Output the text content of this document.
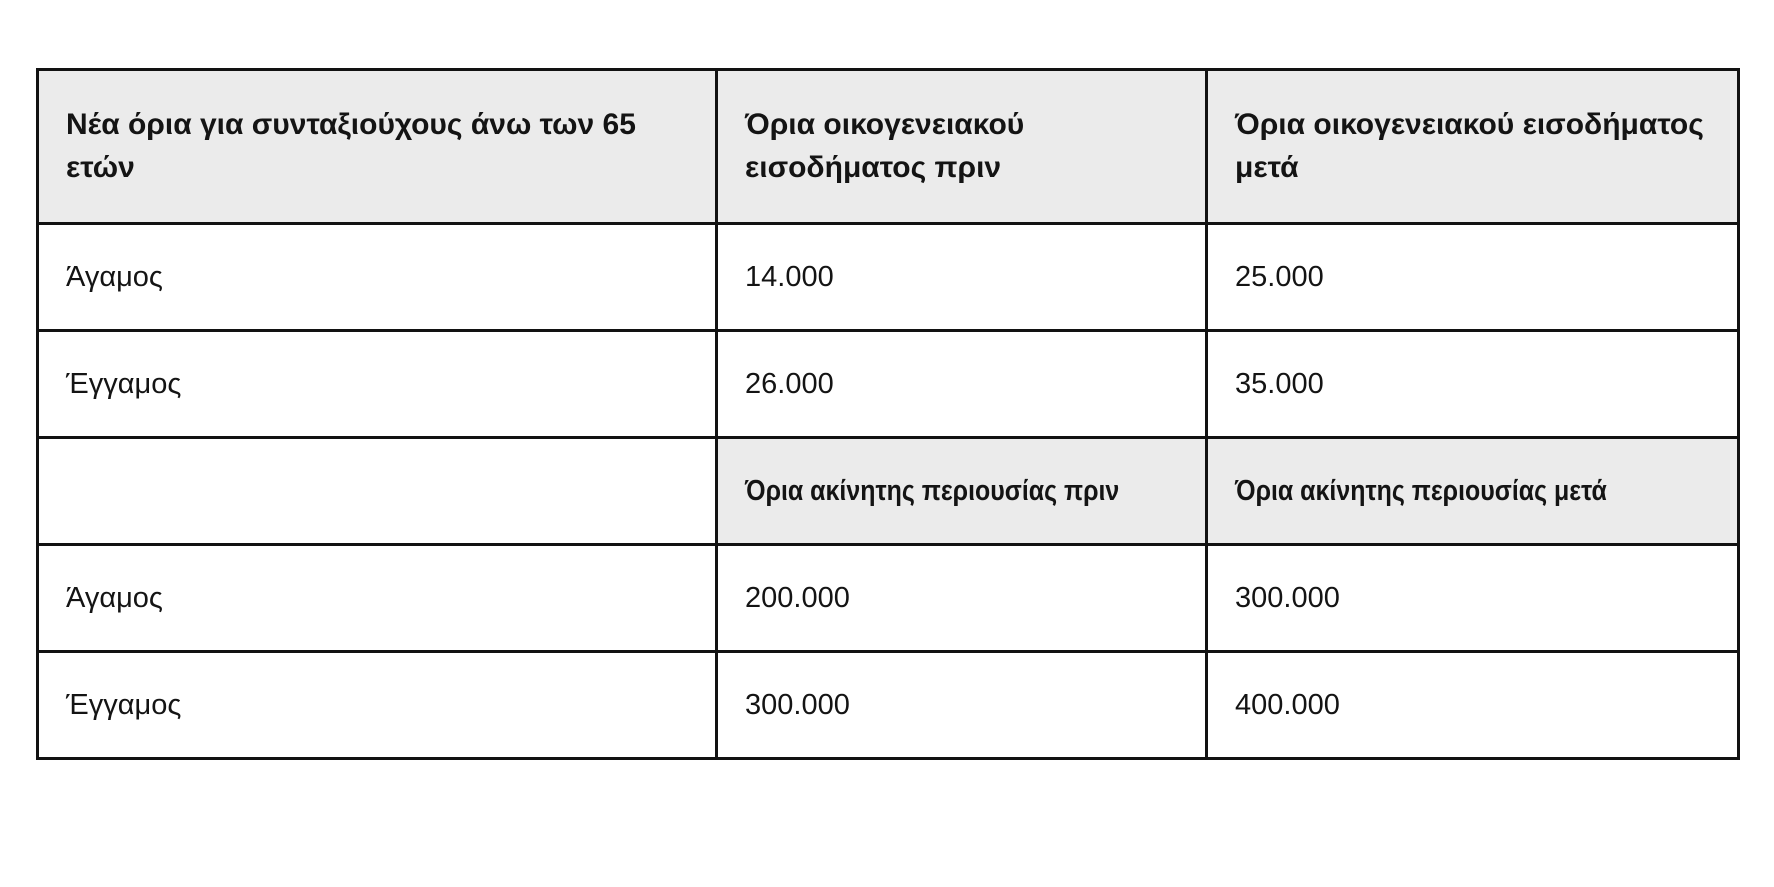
Νέα όρια για συνταξιούχους άνω των 65 ετών	Όρια οικογενειακού εισοδήματος πριν	Όρια οικογενειακού εισοδήματος μετά
Άγαμος	14.000	25.000
Έγγαμος	26.000	35.000
	Όρια ακίνητης περιουσίας πριν	Όρια ακίνητης περιουσίας μετά
Άγαμος	200.000	300.000
Έγγαμος	300.000	400.000
